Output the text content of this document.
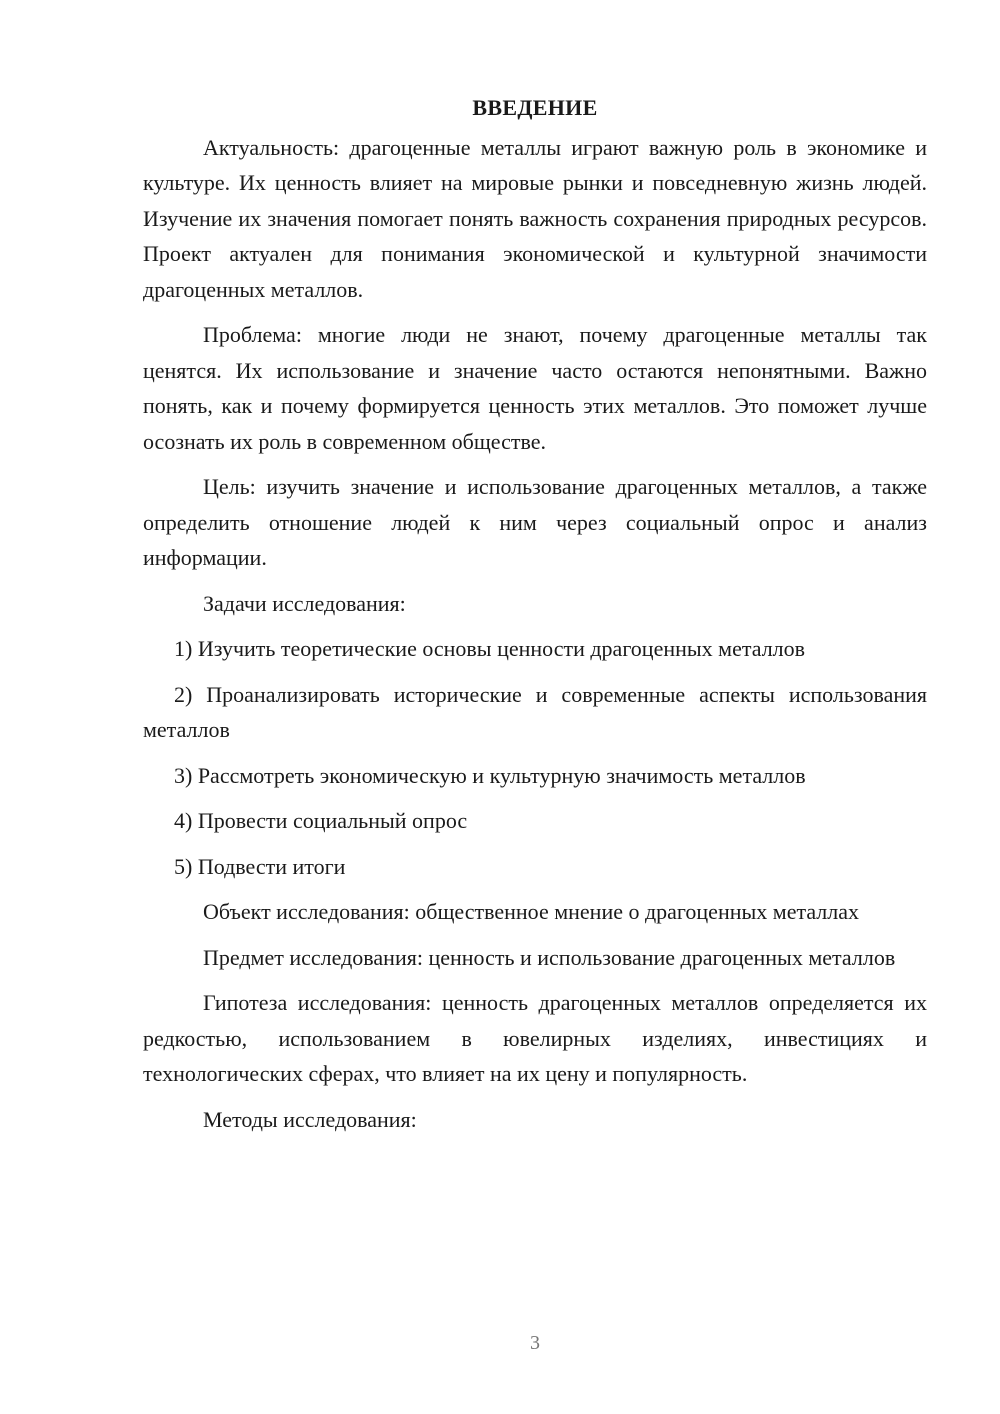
ВВЕДЕНИЕ

Актуальность: драгоценные металлы играют важную роль в экономике и культуре. Их ценность влияет на мировые рынки и повседневную жизнь людей. Изучение их значения помогает понять важность сохранения природных ресурсов. Проект актуален для понимания экономической и культурной значимости драгоценных металлов.

Проблема: многие люди не знают, почему драгоценные металлы так ценятся. Их использование и значение часто остаются непонятными. Важно понять, как и почему формируется ценность этих металлов. Это поможет лучше осознать их роль в современном обществе.

Цель: изучить значение и использование драгоценных металлов, а также определить отношение людей к ним через социальный опрос и анализ информации.

Задачи исследования:

1) Изучить теоретические основы ценности драгоценных металлов

2) Проанализировать исторические и современные аспекты использования металлов

3) Рассмотреть экономическую и культурную значимость металлов

4) Провести социальный опрос

5) Подвести итоги

Объект исследования: общественное мнение о драгоценных металлах

Предмет исследования: ценность и использование драгоценных металлов

Гипотеза исследования: ценность драгоценных металлов определяется их редкостью, использованием в ювелирных изделиях, инвестициях и технологических сферах, что влияет на их цену и популярность.

Методы исследования:

3
